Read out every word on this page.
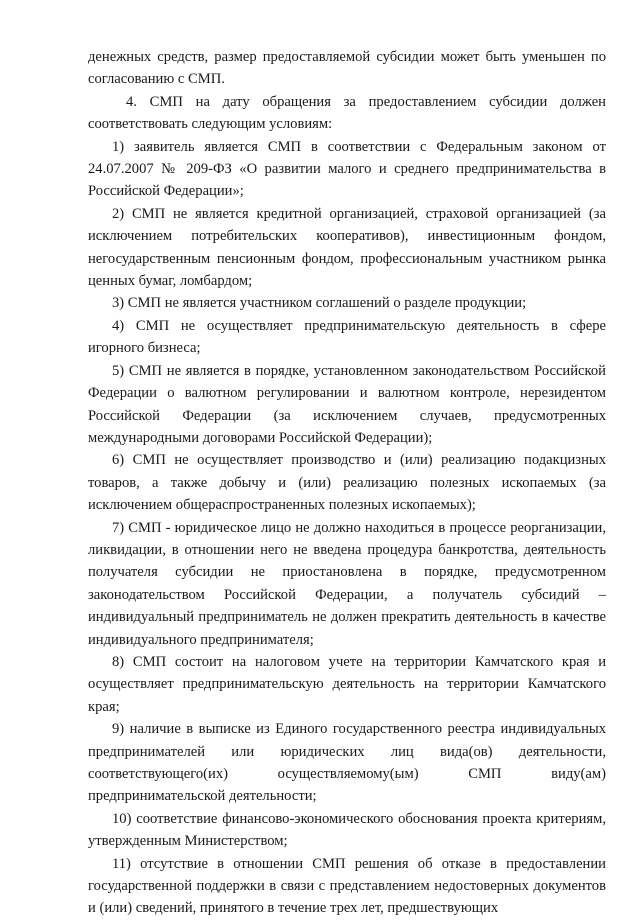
денежных средств, размер предоставляемой субсидии может быть уменьшен по согласованию с СМП.

4. СМП на дату обращения за предоставлением субсидии должен соответствовать следующим условиям:

1) заявитель является СМП в соответствии с Федеральным законом от 24.07.2007 № 209-ФЗ «О развитии малого и среднего предпринимательства в Российской Федерации»;

2) СМП не является кредитной организацией, страховой организацией (за исключением потребительских кооперативов), инвестиционным фондом, негосударственным пенсионным фондом, профессиональным участником рынка ценных бумаг, ломбардом;

3) СМП не является участником соглашений о разделе продукции;

4) СМП не осуществляет предпринимательскую деятельность в сфере игорного бизнеса;

5) СМП не является в порядке, установленном законодательством Российской Федерации о валютном регулировании и валютном контроле, нерезидентом Российской Федерации (за исключением случаев, предусмотренных международными договорами Российской Федерации);

6) СМП не осуществляет производство и (или) реализацию подакцизных товаров, а также добычу и (или) реализацию полезных ископаемых (за исключением общераспространенных полезных ископаемых);

7) СМП - юридическое лицо не должно находиться в процессе реорганизации, ликвидации, в отношении него не введена процедура банкротства, деятельность получателя субсидии не приостановлена в порядке, предусмотренном законодательством Российской Федерации, а получатель субсидий – индивидуальный предприниматель не должен прекратить деятельность в качестве индивидуального предпринимателя;

8) СМП состоит на налоговом учете на территории Камчатского края и осуществляет предпринимательскую деятельность на территории Камчатского края;

9) наличие в выписке из Единого государственного реестра индивидуальных предпринимателей или юридических лиц вида(ов) деятельности, соответствующего(их) осуществляемому(ым) СМП виду(ам) предпринимательской деятельности;

10) соответствие финансово-экономического обоснования проекта критериям, утвержденным Министерством;

11) отсутствие в отношении СМП решения об отказе в предоставлении государственной поддержки в связи с представлением недостоверных документов и (или) сведений, принятого в течение трех лет, предшествующих
